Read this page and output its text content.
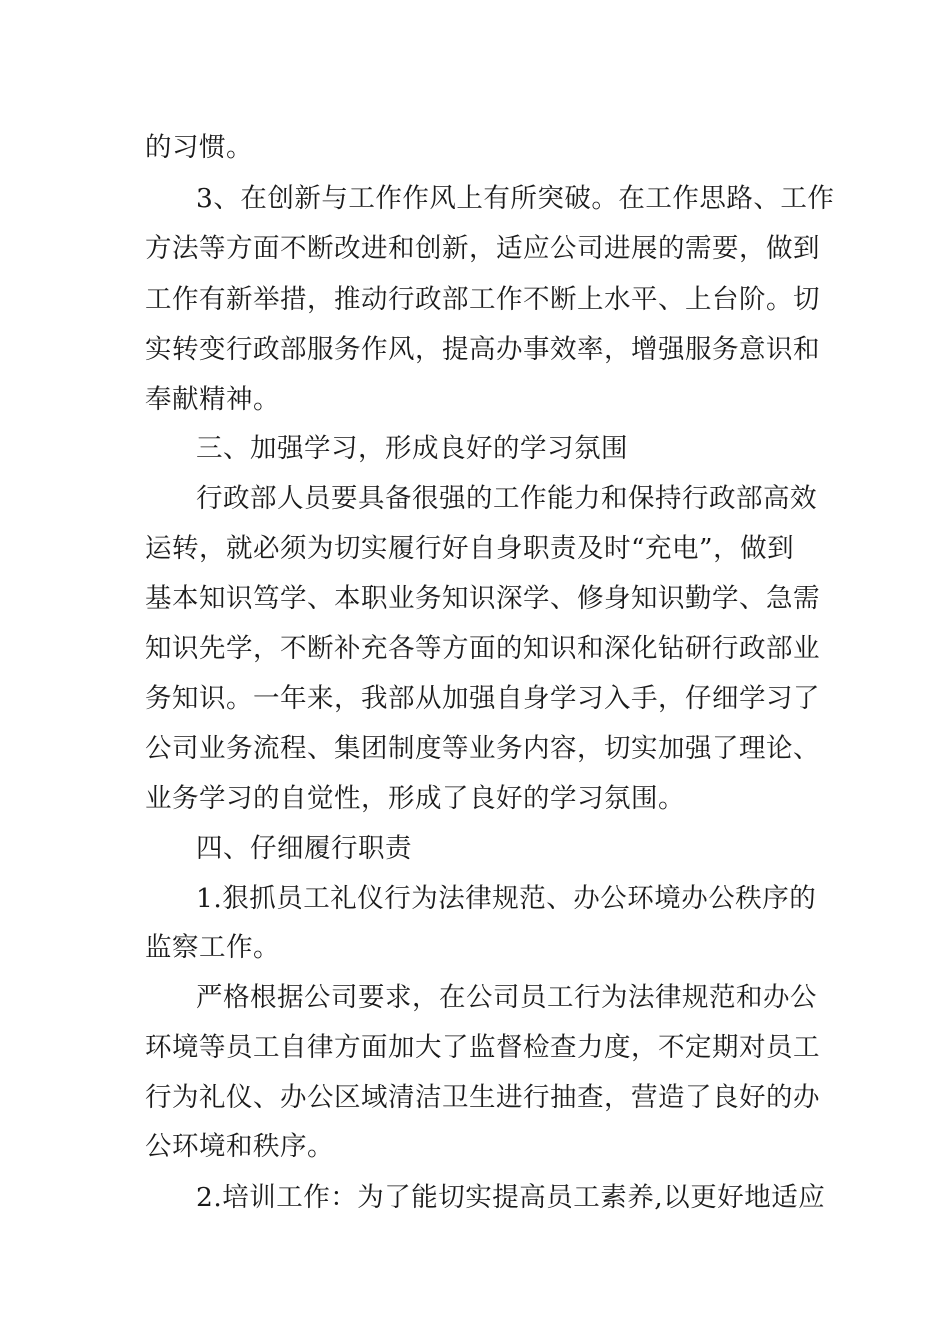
的习惯。
3、在创新与工作作风上有所突破。在工作思路、工作
方法等方面不断改进和创新，适应公司进展的需要，做到
工作有新举措，推动行政部工作不断上水平、上台阶。切
实转变行政部服务作风，提高办事效率，增强服务意识和
奉献精神。
三、加强学习，形成良好的学习氛围
行政部人员要具备很强的工作能力和保持行政部高效
运转，就必须为切实履行好自身职责及时“充电”，做到
基本知识笃学、本职业务知识深学、修身知识勤学、急需
知识先学，不断补充各等方面的知识和深化钻研行政部业
务知识。一年来，我部从加强自身学习入手，仔细学习了
公司业务流程、集团制度等业务内容，切实加强了理论、
业务学习的自觉性，形成了良好的学习氛围。
四、仔细履行职责
1.狠抓员工礼仪行为法律规范、办公环境办公秩序的
监察工作。
严格根据公司要求，在公司员工行为法律规范和办公
环境等员工自律方面加大了监督检查力度，不定期对员工
行为礼仪、办公区域清洁卫生进行抽查，营造了良好的办
公环境和秩序。
2.培训工作：为了能切实提高员工素养,以更好地适应
